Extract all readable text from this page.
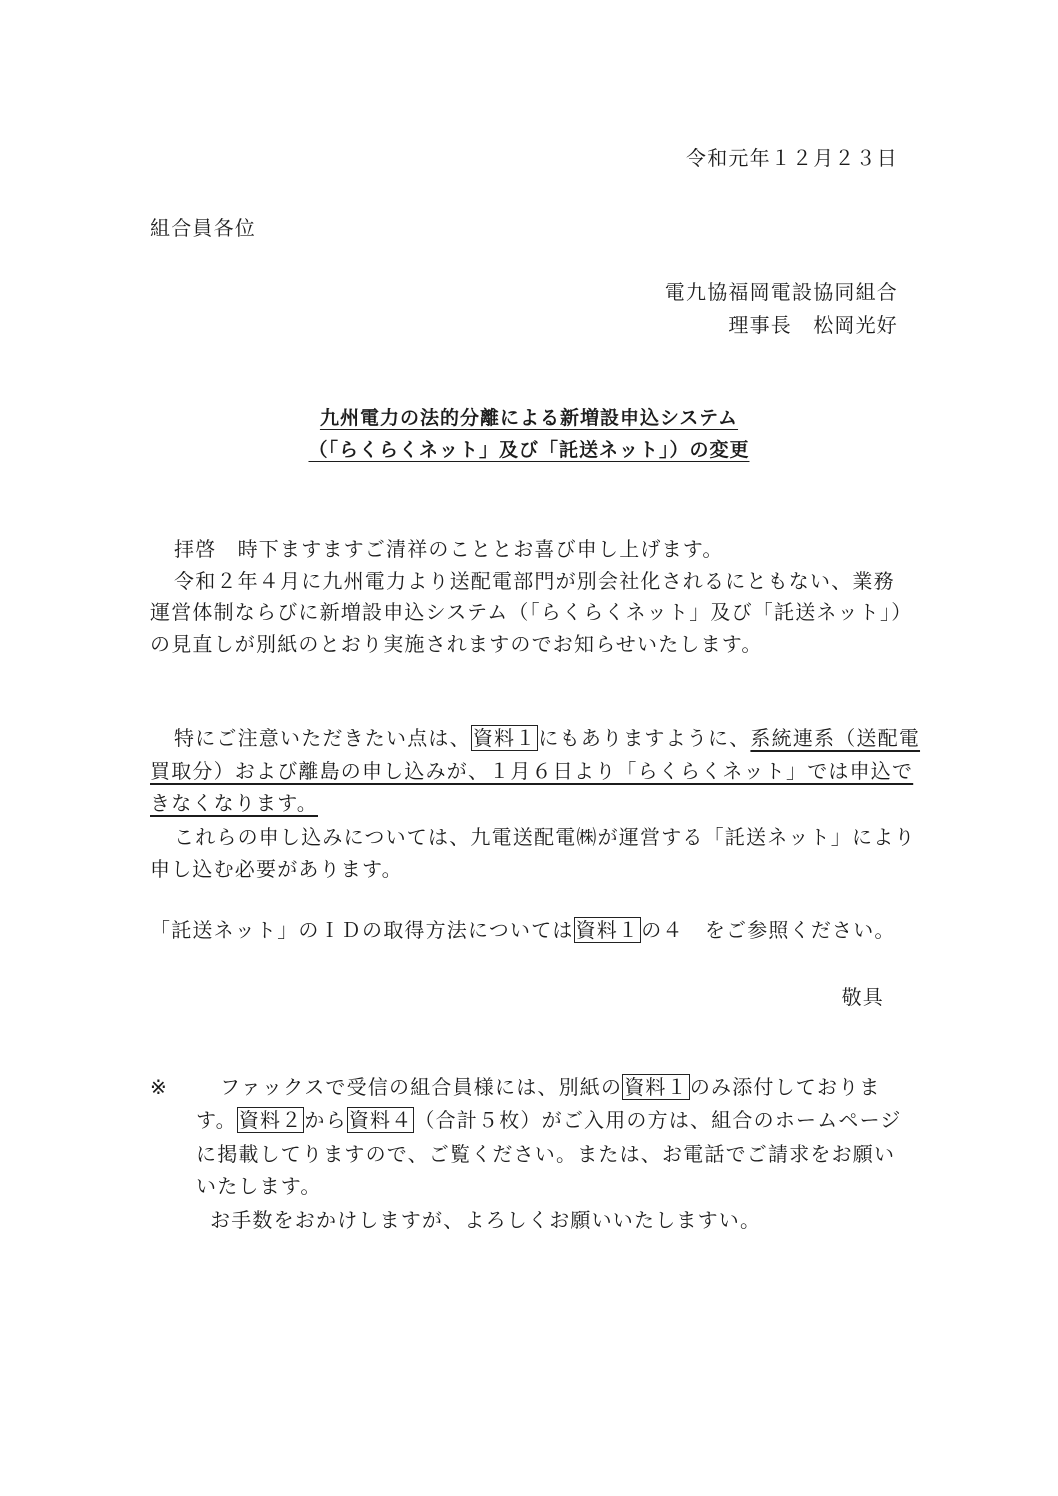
令和元年１２月２３日
組合員各位
電九協福岡電設協同組合
理事長　松岡光好
九州電力の法的分離による新増設申込システム
（「らくらくネット」及び「託送ネット」）の変更
拝啓　時下ますますご清祥のこととお喜び申し上げます。
令和２年４月に九州電力より送配電部門が別会社化されるにともない、業務
運営体制ならびに新増設申込システム（「らくらくネット」及び「託送ネット」）
の見直しが別紙のとおり実施されますのでお知らせいたします。
特にご注意いただきたい点は、 資料１ にもありますように、系統連系（送配電
買取分）および離島の申し込みが、１月６日より「らくらくネット」では申込で
きなくなります。
これらの申し込みについては、九電送配電㈱が運営する「託送ネット」により
申し込む必要があります。
「託送ネット」のＩＤの取得方法については 資料１ の４　をご参照ください。
敬具
※	ファックスで受信の組合員様には、別紙の 資料１ のみ添付しておりま
す。 資料２ から 資料４ （合計５枚）がご入用の方は、組合のホームページ
に掲載してりますので、ご覧ください。または、お電話でご請求をお願い
いたします。
お手数をおかけしますが、よろしくお願いいたしますい。
